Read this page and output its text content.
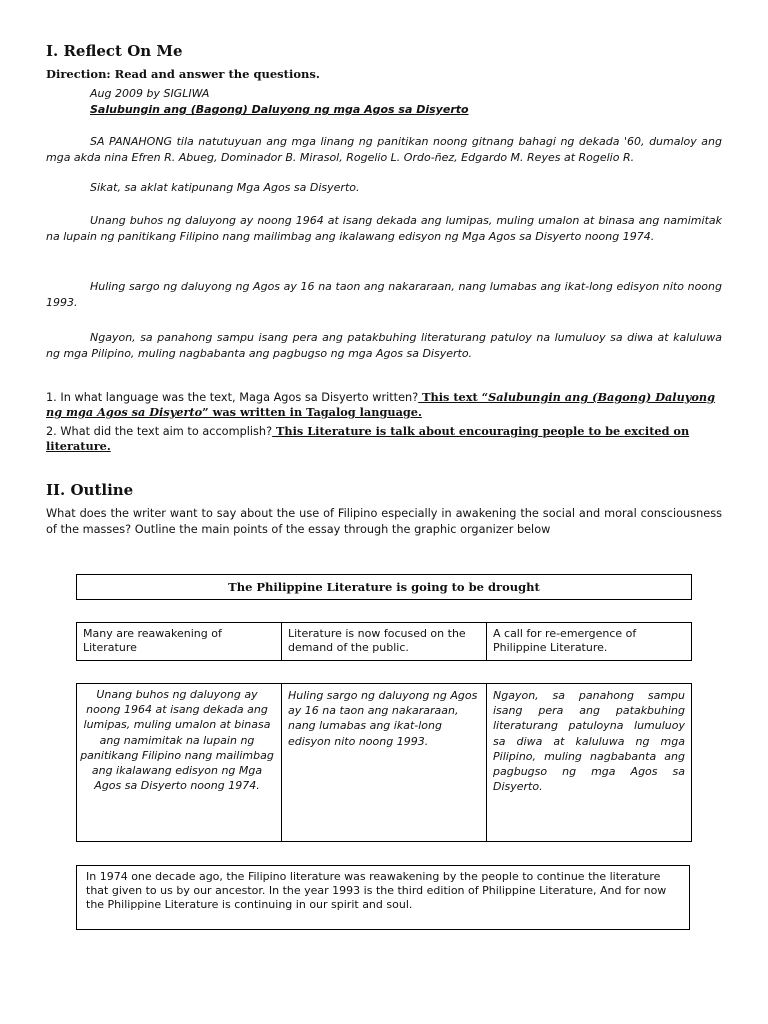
I. Reflect On Me
Direction: Read and answer the questions.
Aug 2009 by SIGLIWA
Salubungin ang (Bagong) Daluyong ng mga Agos sa Disyerto
SA PANAHONG tila natutuyuan ang mga linang ng panitikan noong gitnang bahagi ng dekada '60, dumaloy ang mga akda nina Efren R. Abueg, Dominador B. Mirasol, Rogelio L. Ordo-ñez, Edgardo M. Reyes at Rogelio R.
Sikat, sa aklat katipunang Mga Agos sa Disyerto.
Unang buhos ng daluyong ay noong 1964 at isang dekada ang lumipas, muling umalon at binasa ang namimitak na lupain ng panitikang Filipino nang mailimbag ang ikalawang edisyon ng Mga Agos sa Disyerto noong 1974.
Huling sargo ng daluyong ng Agos ay 16 na taon ang nakararaan, nang lumabas ang ikat-long edisyon nito noong 1993.
Ngayon, sa panahong sampu isang pera ang patakbuhing literaturang patuloy na lumuluoy sa diwa at kaluluwa ng mga Pilipino, muling nagbabanta ang pagbugso ng mga Agos sa Disyerto.
1. In what language was the text, Maga Agos sa Disyerto written? This text “Salubungin ang (Bagong) Daluyong ng mga Agos sa Disyerto” was written in Tagalog language.
2. What did the text aim to accomplish? This Literature is talk about encouraging people to be excited on literature.
II. Outline
What does the writer want to say about the use of Filipino especially in awakening the social and moral consciousness of the masses? Outline the main points of the essay through the graphic organizer below
The Philippine Literature is going to be drought
Many are reawakening of Literature
Literature is now focused on the demand of the public.
A call for re-emergence of Philippine Literature.
Unang buhos ng daluyong ay noong 1964 at isang dekada ang lumipas, muling umalon at binasa ang namimitak na lupain ng panitikang Filipino nang mailimbag ang ikalawang edisyon ng Mga Agos sa Disyerto noong 1974.
Huling sargo ng daluyong ng Agos ay 16 na taon ang nakararaan, nang lumabas ang ikat-long edisyon nito noong 1993.
Ngayon, sa panahong sampu isang pera ang patakbuhing literaturang patuloyna lumuluoy sa diwa at kaluluwa ng mga Pilipino, muling nagbabanta ang pagbugso ng mga Agos sa Disyerto.
In 1974 one decade ago, the Filipino literature was reawakening by the people to continue the literature that given to us by our ancestor. In the year 1993 is the third edition of Philippine Literature, And for now the Philippine Literature is continuing in our spirit and soul.
